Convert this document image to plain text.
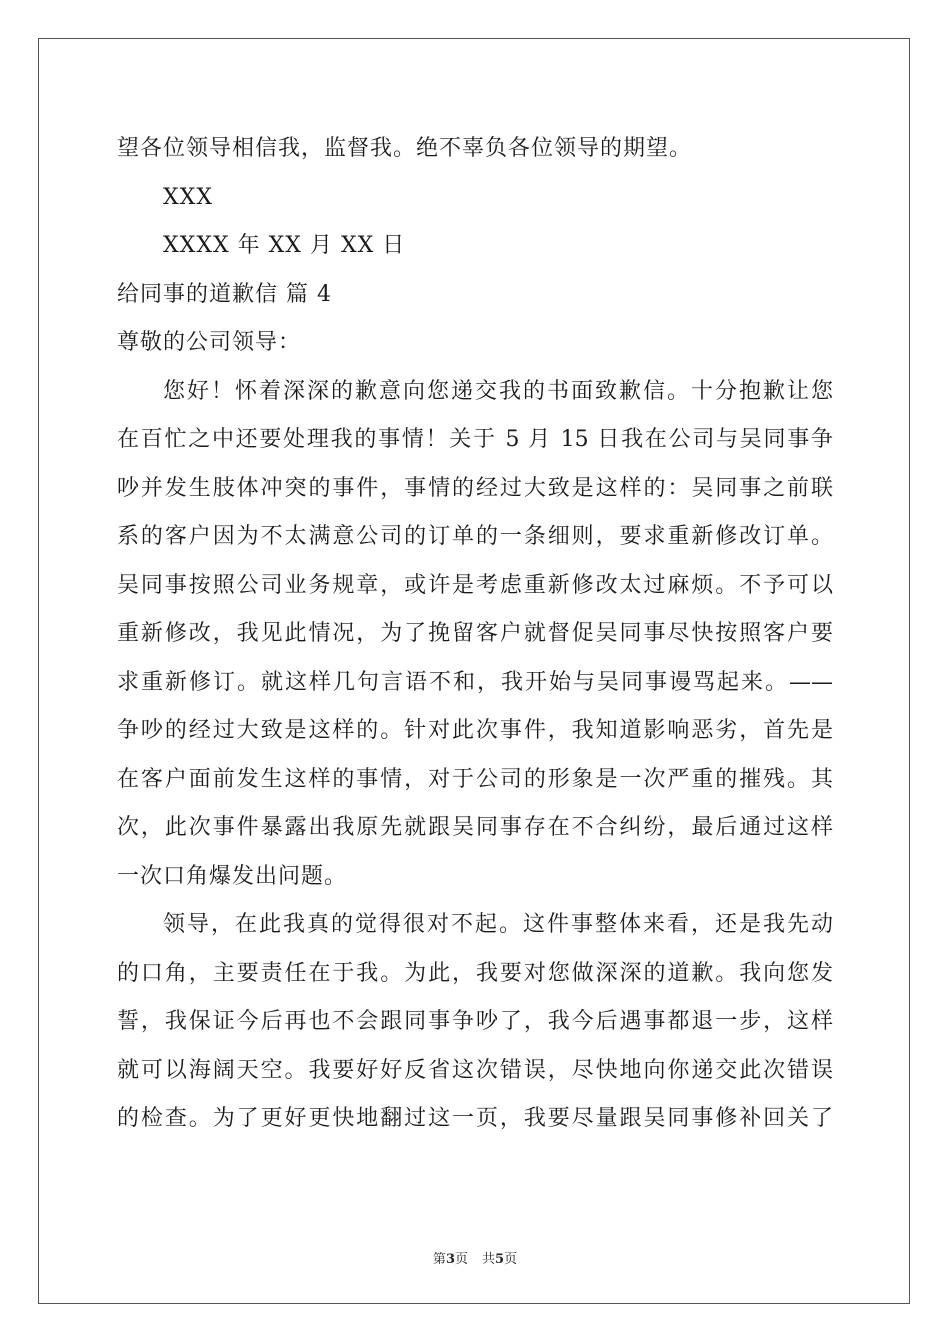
望各位领导相信我，监督我。绝不辜负各位领导的期望。
XXX
XXXX 年 XX 月 XX 日
给同事的道歉信 篇 4
尊敬的公司领导：
您好！怀着深深的歉意向您递交我的书面致歉信。十分抱歉让您
在百忙之中还要处理我的事情！关于 5 月 15 日我在公司与吴同事争
吵并发生肢体冲突的事件，事情的经过大致是这样的：吴同事之前联
系的客户因为不太满意公司的订单的一条细则，要求重新修改订单。
吴同事按照公司业务规章，或许是考虑重新修改太过麻烦。不予可以
重新修改，我见此情况，为了挽留客户就督促吴同事尽快按照客户要
求重新修订。就这样几句言语不和，我开始与吴同事谩骂起来。——
争吵的经过大致是这样的。针对此次事件，我知道影响恶劣，首先是
在客户面前发生这样的事情，对于公司的形象是一次严重的摧残。其
次，此次事件暴露出我原先就跟吴同事存在不合纠纷，最后通过这样
一次口角爆发出问题。
领导，在此我真的觉得很对不起。这件事整体来看，还是我先动
的口角，主要责任在于我。为此，我要对您做深深的道歉。我向您发
誓，我保证今后再也不会跟同事争吵了，我今后遇事都退一步，这样
就可以海阔天空。我要好好反省这次错误，尽快地向你递交此次错误
的检查。为了更好更快地翻过这一页，我要尽量跟吴同事修补回关了
第3页 共5页
